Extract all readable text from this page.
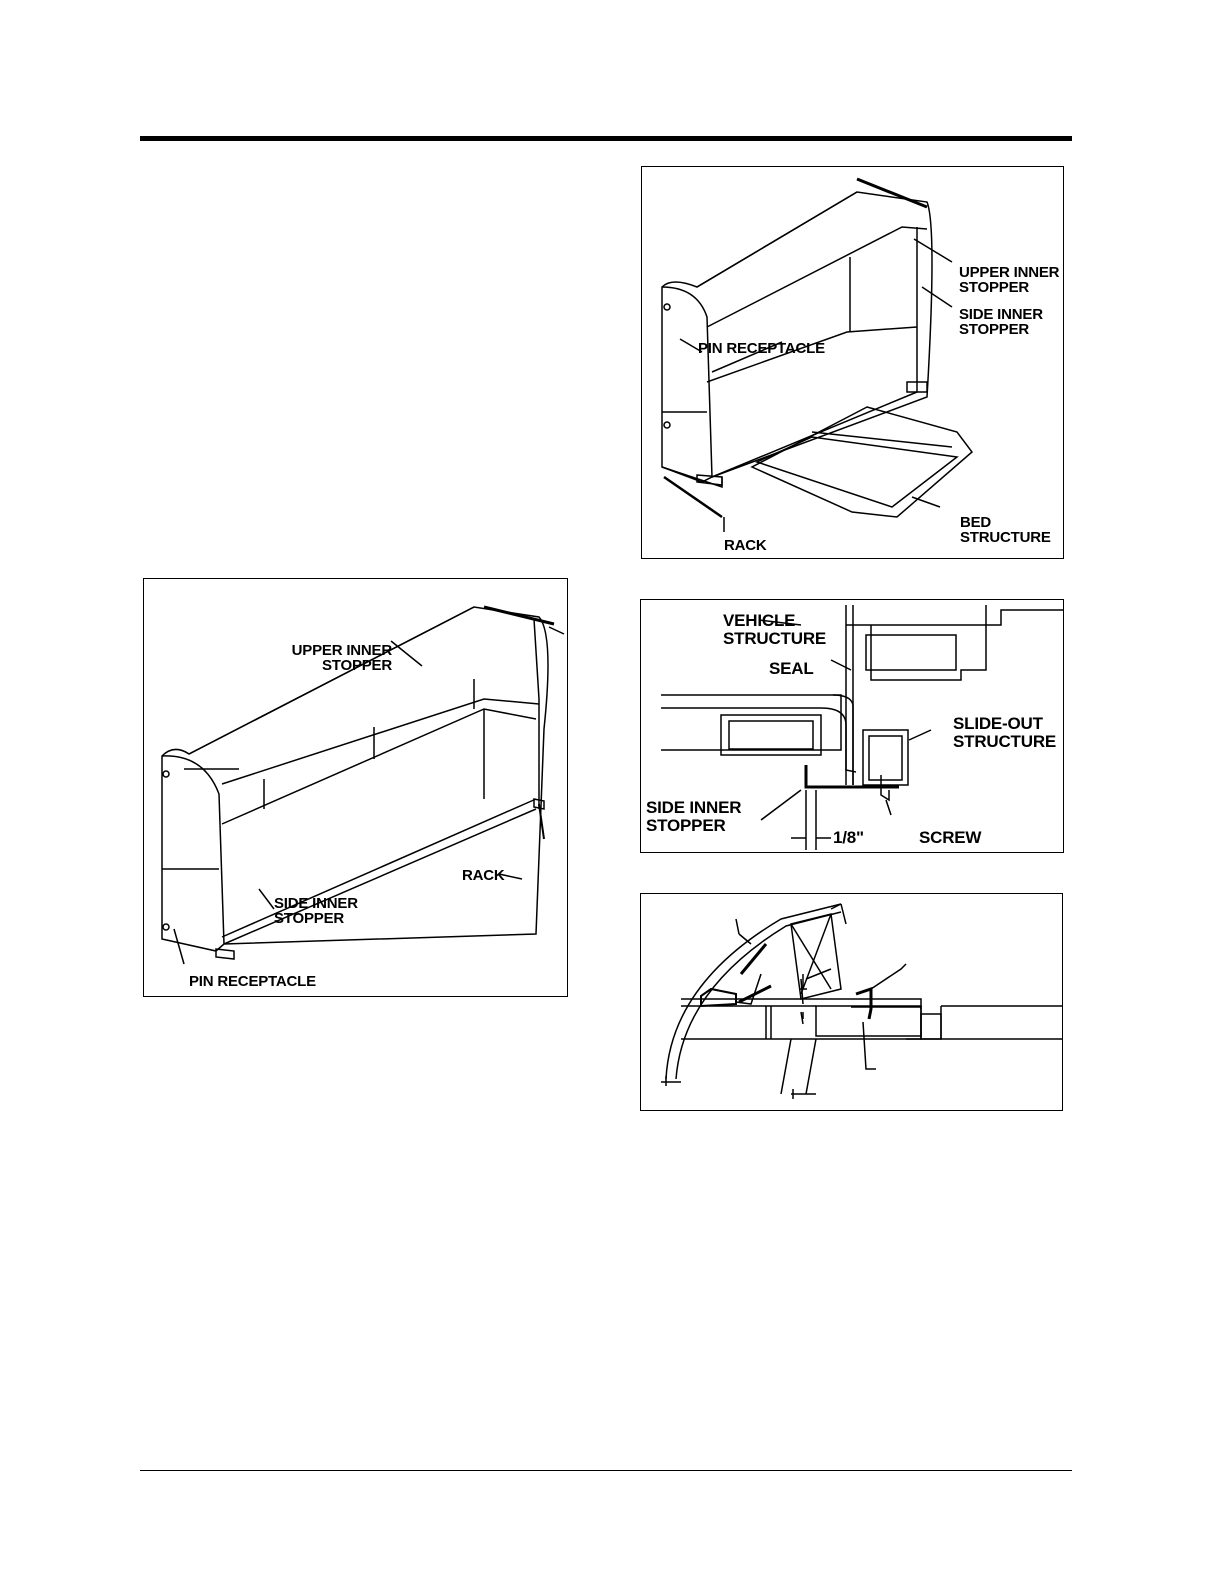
UPPER INNER
STOPPER
SIDE INNER
STOPPER
RACK
PIN RECEPTACLE
UPPER INNER
STOPPER
SIDE INNER
STOPPER
PIN RECEPTACLE
BED
STRUCTURE
RACK
VEHICLE
STRUCTURE
SEAL
SLIDE-OUT
STRUCTURE
SIDE INNER
STOPPER
1/8"	SCREW
